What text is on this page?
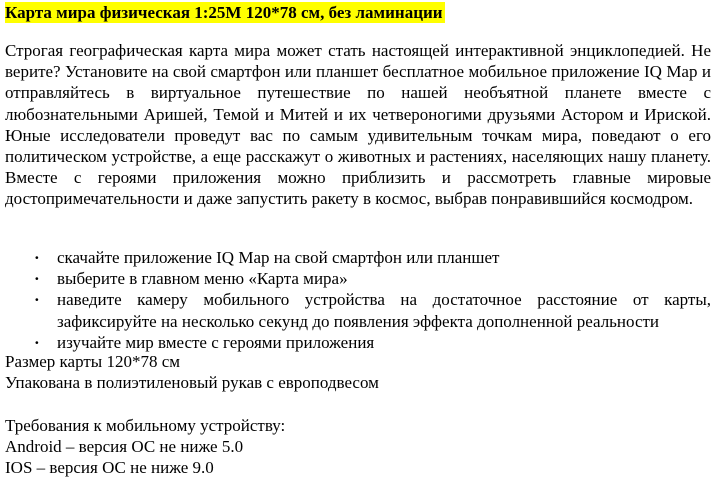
Карта мира физическая 1:25М 120*78 см, без ламинации

Строгая географическая карта мира может стать настоящей интерактивной энциклопедией. Не верите? Установите на свой смартфон или планшет бесплатное мобильное приложение IQ Map и отправляйтесь в виртуальное путешествие по нашей необъятной планете вместе с любознательными Аришей, Темой и Митей и их четвероногими друзьями Астором и Ириской. Юные исследователи проведут вас по самым удивительным точкам мира, поведают о его политическом устройстве, а еще расскажут о животных и растениях, населяющих нашу планету. Вместе с героями приложения можно приблизить и рассмотреть главные мировые достопримечательности и даже запустить ракету в космос, выбрав понравившийся космодром.

· скачайте приложение IQ Map на свой смартфон или планшет
· выберите в главном меню «Карта мира»
· наведите камеру мобильного устройства на достаточное расстояние от карты, зафиксируйте на несколько секунд до появления эффекта дополненной реальности
· изучайте мир вместе с героями приложения
Размер карты 120*78 см
Упакована в полиэтиленовый рукав с европодвесом
Требования к мобильному устройству:
Android – версия ОС не ниже 5.0
IOS – версия ОС не ниже 9.0
